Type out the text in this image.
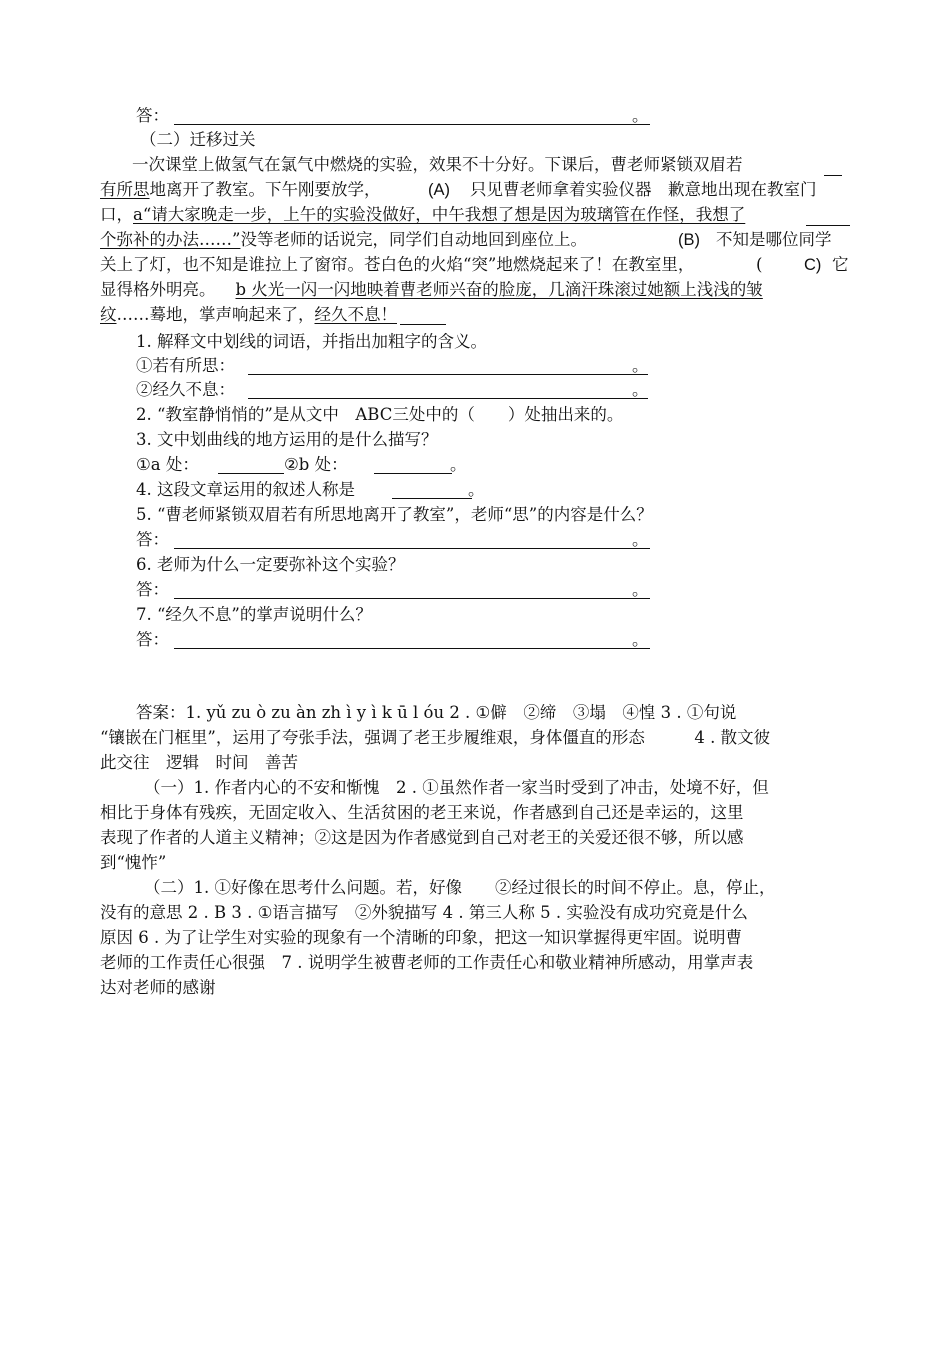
答：	。
（二）迁移过关
一次课堂上做氢气在氯气中燃烧的实验，效果不十分好。下课后，曹老师紧锁双眉若
有所思地离开了教室。下午刚要放学，	(A) 只见曹老师拿着实验仪器　歉意地出现在教室门
口，a“请大家晚走一步，上午的实验没做好，中午我想了想是因为玻璃管在作怪，我想了
个弥补的办法……”没等老师的话说完，同学们自动地回到座位上。	(B) 不知是哪位同学
关上了灯，也不知是谁拉上了窗帘。苍白色的火焰“突”地燃烧起来了！在教室里，	(	C) 它
显得格外明亮。 b 火光一闪一闪地映着曹老师兴奋的脸庞，几滴汗珠滚过她额上浅浅的皱
纹……蓦地，掌声响起来了，经久不息！
1. 解释文中划线的词语，并指出加粗字的含义。
①若有所思：	。
②经久不息：	。
2. “教室静悄悄的”是从文中　ABC三处中的（　　）处抽出来的。
3. 文中划曲线的地方运用的是什么描写？
①a 处：	②b 处：	。
4. 这段文章运用的叙述人称是	。
5. “曹老师紧锁双眉若有所思地离开了教室”，老师“思”的内容是什么？
答：	。
6. 老师为什么一定要弥补这个实验？
答：	。
7. “经久不息”的掌声说明什么？
答：	。
答案：1. yǔ zu ò zu àn zh ì y ì k ū l óu 2 . ①僻　②缔　③塌　④惶 3 . ①句说
“镶嵌在门框里”，运用了夸张手法，强调了老王步履维艰，身体僵直的形态　　　4 . 散文彼
此交往　逻辑　时间　善苦
（一）1. 作者内心的不安和惭愧　2 . ①虽然作者一家当时受到了冲击，处境不好，但
相比于身体有残疾，无固定收入、生活贫困的老王来说，作者感到自己还是幸运的，这里
表现了作者的人道主义精神；②这是因为作者感觉到自己对老王的关爱还很不够，所以感
到“愧怍”
（二）1. ①好像在思考什么问题。若，好像　　②经过很长的时间不停止。息，停止，
没有的意思 2 . B 3 . ①语言描写　②外貌描写 4 . 第三人称 5 . 实验没有成功究竟是什么
原因 6 . 为了让学生对实验的现象有一个清晰的印象，把这一知识掌握得更牢固。说明曹
老师的工作责任心很强　7 . 说明学生被曹老师的工作责任心和敬业精神所感动，用掌声表
达对老师的感谢
